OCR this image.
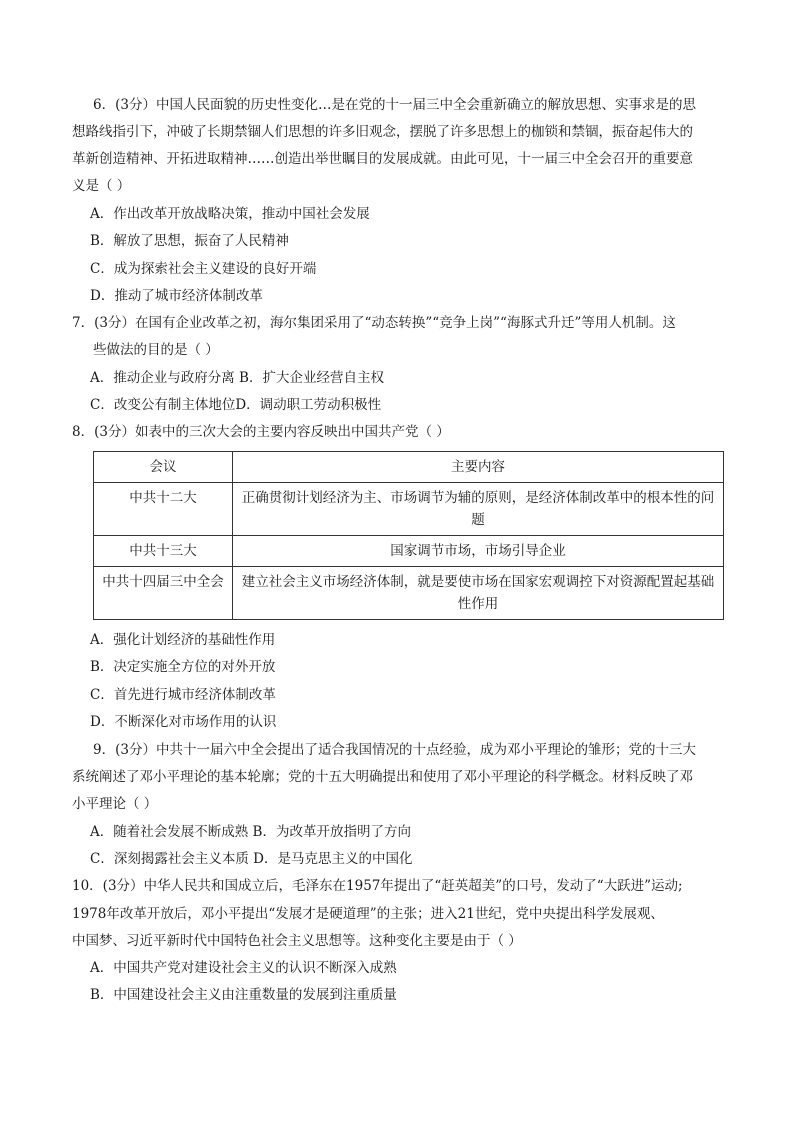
6．(3分）中国人民面貌的历史性变化…是在党的十一届三中全会重新确立的解放思想、实事求是的思
想路线指引下，冲破了长期禁锢人们思想的许多旧观念，摆脱了许多思想上的枷锁和禁锢，振奋起伟大的
革新创造精神、开拓进取精神……创造出举世瞩目的发展成就。由此可见，十一届三中全会召开的重要意
义是（ ）
A．作出改革开放战略决策，推动中国社会发展
B．解放了思想，振奋了人民精神
C．成为探索社会主义建设的良好开端
D．推动了城市经济体制改革
7．(3分）在国有企业改革之初，海尔集团采用了“动态转换”“竞争上岗”“海豚式升迁”等用人机制。这
些做法的目的是（ ）
A．推动企业与政府分离 B．扩大企业经营自主权
C．改变公有制主体地位D．调动职工劳动积极性
8．(3分）如表中的三次大会的主要内容反映出中国共产党（ ）
会议	主要内容
中共十二大	正确贯彻计划经济为主、市场调节为辅的原则，是经济体制改革中的根本性的问题
中共十三大	国家调节市场，市场引导企业
中共十四届三中全会	建立社会主义市场经济体制，就是要使市场在国家宏观调控下对资源配置起基础性作用
A．强化计划经济的基础性作用
B．决定实施全方位的对外开放
C．首先进行城市经济体制改革
D．不断深化对市场作用的认识
9．(3分）中共十一届六中全会提出了适合我国情况的十点经验，成为邓小平理论的雏形；党的十三大
系统阐述了邓小平理论的基本轮廓；党的十五大明确提出和使用了邓小平理论的科学概念。材料反映了邓
小平理论（ ）
A．随着社会发展不断成熟 B．为改革开放指明了方向
C．深刻揭露社会主义本质 D．是马克思主义的中国化
10．(3分）中华人民共和国成立后，毛泽东在1957年提出了“赶英超美”的口号，发动了“大跃进”运动;
1978年改革开放后，邓小平提出“发展才是硬道理”的主张；进入21世纪，党中央提出科学发展观、
中国梦、习近平新时代中国特色社会主义思想等。这种变化主要是由于（ ）
A．中国共产党对建设社会主义的认识不断深入成熟
B．中国建设社会主义由注重数量的发展到注重质量
